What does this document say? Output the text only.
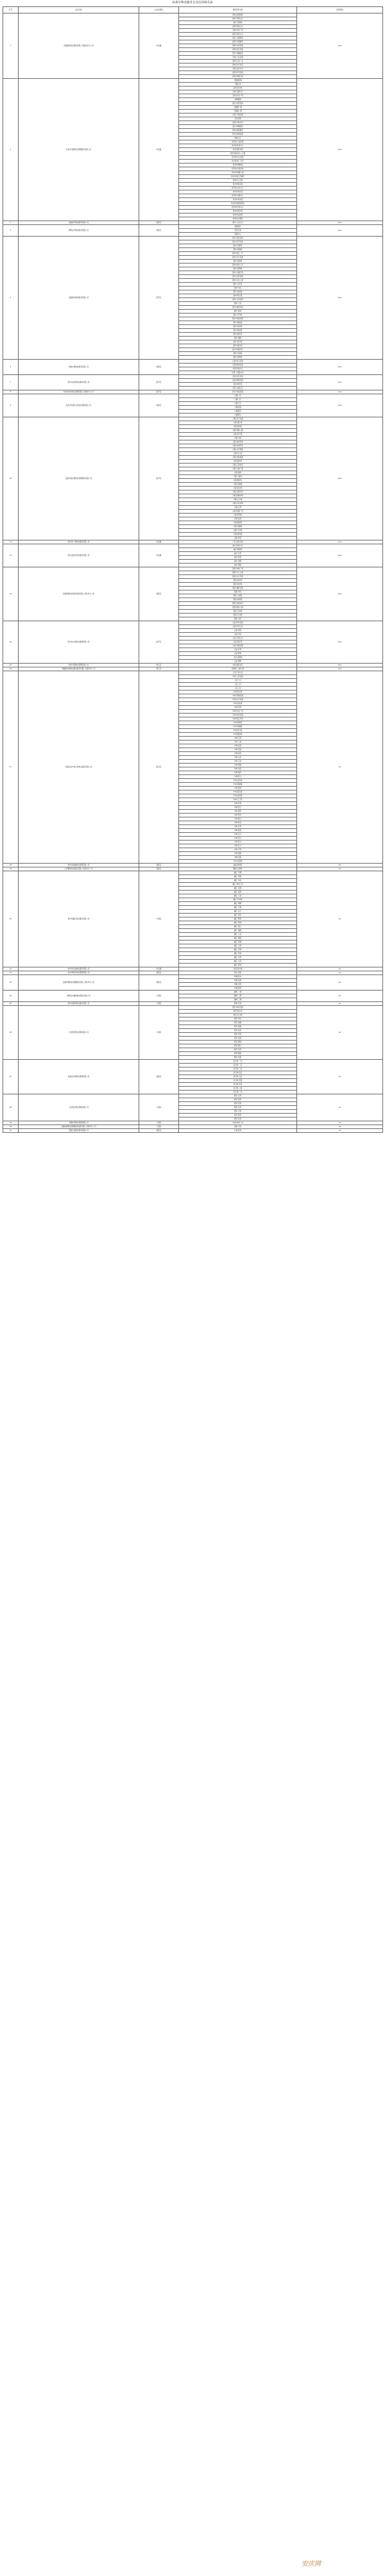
杭州市物业服务企业信用排名表
序号	企业名称	企业注册地	服务项目名称	信用等级
1	安徽国铁物业服务有限公司淮安市分公司	市直属	新城·蓝湾国际	AAA
			富邦·光明小区	
			春华·花园城	
			富邦·新城小区	
			景城·时代广场	
			富邦·南苑小区	
			建设·文明新城	
			富邦·光明雅苑	
			新城·华府家园	
			富邦·滨江花园	
			阳光·香榭丽舍	
			中城·人民花园	
			富邦·江南一品	
			新城·时代华府	
			景城·金色水岸	
			富邦·和平家园	
			新城·锦绣江南	
2	杭州市天鹅物业管理服务有限公司	市直属	天鹅湖花园	AAA
			天鹅小区	
			金苑·阳光城	
			北城·名都小区	
			金苑·时代广场	
			金城雅园	
			盛达·皇冠花园	
			天鹅湖一期	
			天鹅湖二期	
			花园·万国家园	
			京东花园	
			蓝湾·中城名苑	
			盛达·尚城国际	
			新城·湖景雅苑	
			阳光·新城家园	
			锦城小区	
			杭州市人民医院	
			杭州市体育中心	
			杭州市图书馆	
			杭州市政府办公大楼	
			杭州市中心医院	
			杭州市第一中学	
			杭州市博物馆	
			杭州市实验学校	
			杭州市城建大厦	
			杭州市国土资源局	
			杭州市公安局	
			杭州市税务局	
			杭州市文化中心	
			杭州市科技馆	
			杭州市会展中心	
			杭州市档案馆	
			杭州市规划展览馆	
			杭州市市民中心	
			杭州市教育局	
			杭州市住建局	
			杭州市交通局	
3	安徽春华物业服务有限公司	高新区	春华·人民小区	AAA
4	博物业市物业服务有限公司	高新区	高新园区	AAA
			科创大厦	
			创新中心	
5	安徽银申物业服务有限公司	经开区	银申·金色家园	AAA
			银申·和平家园	
			银申·名都苑	
			银申·锦绣城	
			银申·滨江一号	
			银申·东方花园	
			银申·海棠湾	
			银申·城市之光	
			银申·翡翠城	
			银申·龙湖天街	
			银申·世纪花园	
			银申·中央公园	
			银申·文华苑	
			银申·华府	
			银申·金桂园	
			银申·阳光里	
			银申·水岸名邸	
			银申·兰亭	
			银申·盛世华庭	
			银申·绿城	
			银申·万科城	
			银申·城南花园	
			银申·碧桂园	
			银申·紫金城	
			银申·御景湾	
			银申·嘉禾苑	
			银申·瑞园	
			银申·星河湾	
			银申·朗诗苑	
			银申·荷塘月色	
			银申·中海城	
			银申·保利城	
6	安徽乐德物业服务有限公司	高新区	乐德·春天家园	AAA
			乐德·新城花园	
			乐德·和谐小区	
			乐德·人民路小区	
7	杭州市金荣物业服务有限公司	经开区	金荣·时代华庭	AAA
			金荣·明珠花园	
			金荣·锦华苑	
			金荣·东湖小区	
8	杭州市新华物业管理有限公司杭州分公司	经开区	新华·城南花园	AAA
9	杭州市红旗小区物业管理有限公司	高新区	红旗一区	AAA
			红旗二区	
			红旗三区	
			红旗花园	
			红旗雅苑	
			红旗新村	
10	安徽兴联发展物业管理服务有限公司	经开区	兴联·蓝天花园	AAA
			兴联·锦江城	
			兴联·新城市	
			兴联·海德公园	
			兴联·和平里	
			兴联·华庭	
			兴联·绿洲花园	
			兴联·城市印象	
			兴联·东方明珠	
			兴联·名人府	
			兴联·金色港湾	
			兴联·枫林苑	
			兴联·江南世家	
			兴联·书香门第	
			兴联·御府	
			兴联·大都会	
			兴联·雅居乐	
			兴联·玫瑰园	
			兴联·星光城	
			兴联·金都华府	
			兴联·锦绣华城	
			兴联·山水城	
			兴联·中央华城	
			兴联·文苑	
			兴联·财富广场	
			兴联·紫荆苑	
			兴联·蓝湾	
			兴联·富春苑	
			兴联·凤凰城	
			兴联·天河城	
			兴联·清华园	
			兴联·翠苑	
11	杭州市广城物业服务有限公司	市直属	广城·金色华庭	AAA
12	杭州市浦达物业服务有限公司	市直属	浦达·新城小区	AAA
			浦达·明珠苑	
			浦达·东苑	
			浦达·西苑	
			浦达·和园	
			浦达·锦园	
13	安徽银泰物业服务集团有限公司杭州分公司	高新区	银泰·城市广场	AAA
			银泰·中心大厦	
			银泰·东方花园	
			银泰·星河苑	
			银泰·世纪城	
			银泰·湖畔花园	
			银泰·华府	
			银泰·公园里	
			银泰·翡翠湾	
			银泰·金域华府	
			银泰·国际公寓	
			银泰·江景城	
			银泰·中央城	
			银泰·水岸	
14	杭州市文斌物业管理有限公司	经开区	文斌·阳光花园	AAA
			文斌·和平小区	
			文斌·锦苑	
			文斌·华庭	
			文斌·东城小区	
			文斌·滨江苑	
			文斌·城南家园	
			文斌·北苑	
			文斌·新城	
			文斌·花园城	
			文斌·雅园	
15	杭州中海物业管理有限公司	萧山区	中海·国际社区	AAA
16	西藏新城悦物业服务股份有限公司杭州分公司	萧山区	新城悦·公园大道	AAA
17	安徽亿成中城人民物业服务有限公司	萧山区	人民广场小区	AA
			中城·人民家园	
			人民一村	
			人民二村	
			人民三村	
			中城·阳光苑	
			中城·锦绣花园	
			中城·东方家园	
			中城·金桂园	
			中城·和苑	
			中城·时代广场	
			中城·城市花园	
			中城·滨江华府	
			中城·海棠苑	
			中城·翠湖湾	
			中城·新天地	
			中城·国际城	
			中城·名苑	
			中城·上城	
			中城·丽景	
			中城·花溪	
			中城·枫丹	
			中城·山水	
			中城·云台	
			中城·荷园	
			中城·书院	
			中城·星河	
			中城·紫云	
			中城·金色城	
			中城·香樟园	
			中城·绿洲	
			中城·银河湾	
			中城·桂花园	
			中城·玉兰苑	
			中城·华苑	
			中城·蓝天	
			中城·清风	
			中城·明月	
			中城·春江	
			中城·秋实	
			中城·冬雪	
			中城·夏荷	
			中城·东方	
			中城·南方	
			中城·西方	
			中城·北方	
			中城·中苑	
			中城·富丽	
			中城·安康	
			中城·幸福里	
18	杭州市浦建物业管理有限公司	高新区	浦建·锦城苑	AA
19	江苏鹏欣物业服务有限公司杭州分公司	高新区	鹏欣·水游城	AA
20	杭州市鑫汇物业服务有限公司	大观区	鑫汇·名都	AA
			鑫汇·花园	
			鑫汇·华庭	
			鑫汇·城市之光	
			鑫汇·金域	
			鑫汇·蓝湾	
			鑫汇·公馆	
			鑫汇·中央城	
			鑫汇·锦绣	
			鑫汇·天悦	
			鑫汇·东方	
			鑫汇·和府	
			鑫汇·雅苑	
			鑫汇·星城	
			鑫汇·滨江	
			鑫汇·福园	
			鑫汇·上品	
			鑫汇·御园	
			鑫汇·翠湖	
			鑫汇·兰园	
			鑫汇·龙城	
			鑫汇·凤城	
			鑫汇·书苑	
			鑫汇·文苑	
			鑫汇·新城	
21	杭州市安信物业服务有限公司	市直属	安信·阳光城	AA
22	杭州市明达物业管理有限公司	高新区	明达·花园	AA
23	安徽祥瑞物业管理服务有限公司杭州分公司	高新区	祥瑞·新村	AA
			祥瑞·花园	
			祥瑞·华庭	
			祥瑞·锦苑	
24	博物业市鑫城物业服务有限公司	大观区	鑫城·一期	AA
			鑫城·二期	
			鑫城·三期	
25	杭州市嘉和物业服务有限公司	大观区	嘉和·名苑	AA
26	大连德宏物业管理有限公司	大观区	德宏·城市花园	AA
			德宏·锦江苑	
			德宏·东方城	
			德宏·华府	
			德宏·滨湖	
			德宏·和园	
			德宏·星苑	
			德宏·翠苑	
			德宏·金城	
			德宏·银城	
			德宏·新区	
			德宏·景苑	
			德宏·雅居	
			德宏·名邸	
27	安徽金石城物业管理有限公司	高新区	金石城·一区	AA
			金石城·二区	
			金石城·三区	
			金石城·四区	
			金石城·五区	
			金石城·花园	
			金石城·华庭	
			金石城·公寓	
			金石城·广场	
28	大连德宏物业管理有限公司	大观区	德宏·北苑	AA
			德宏·南苑	
			德宏·西苑	
			德宏·东苑	
			德宏·中苑	
			德宏·春苑	
			德宏·秋苑	
29	中建杭州物业管理有限公司	大观区	中建·城市广场	AA
30	安徽同德物业管理服务集团有限公司杭州分公司	大观区	同德·大厦	AA
31	安徽乐诚物业服务有限公司	高新区	乐诚·新苑	AA
安庆网
